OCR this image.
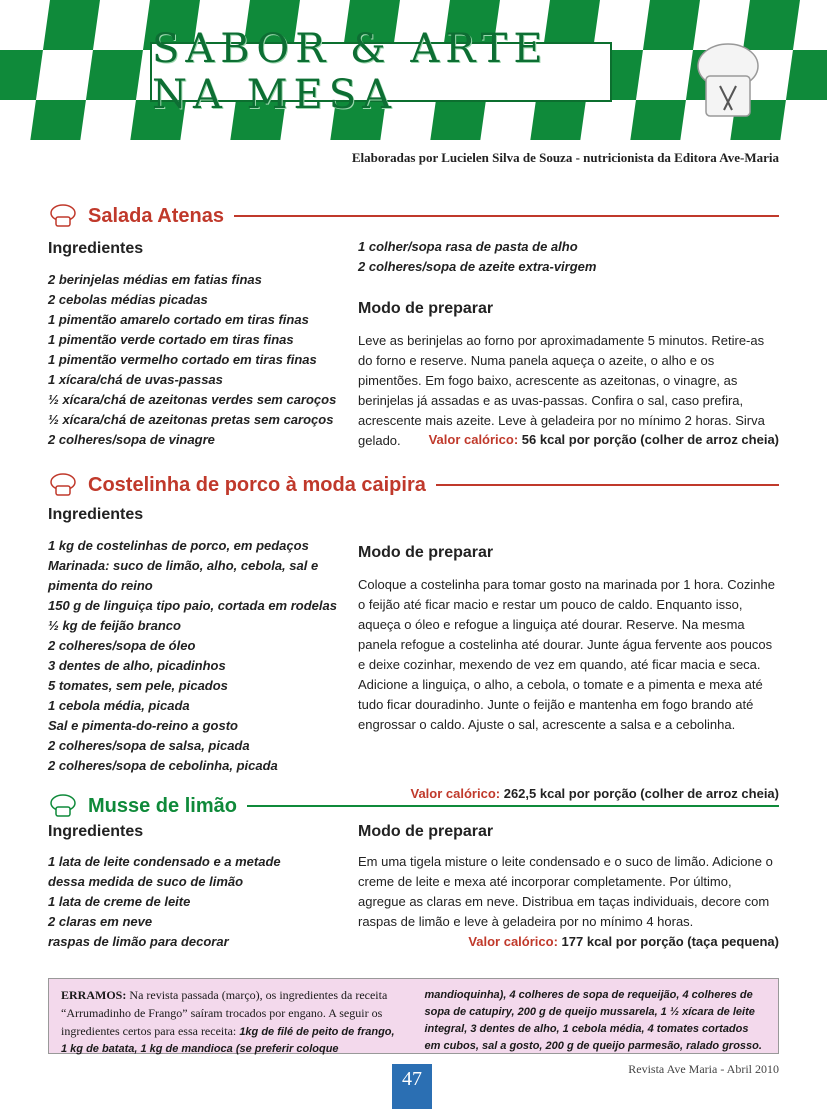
SABOR & ARTE NA MESA
Elaboradas por Lucielen Silva de Souza - nutricionista da Editora Ave-Maria
Salada Atenas
Ingredientes
2 berinjelas médias em fatias finas
2 cebolas médias picadas
1 pimentão amarelo cortado em tiras finas
1 pimentão verde cortado em tiras finas
1 pimentão vermelho cortado em tiras finas
1 xícara/chá de uvas-passas
½ xícara/chá de azeitonas verdes sem caroços
½ xícara/chá de azeitonas pretas sem caroços
2 colheres/sopa de vinagre
1 colher/sopa rasa de pasta de alho
2 colheres/sopa de azeite extra-virgem
Modo de preparar

Leve as berinjelas ao forno por aproximadamente 5 minutos. Retire-as do forno e reserve. Numa panela aqueça o azeite, o alho e os pimentões. Em fogo baixo, acrescente as azeitonas, o vinagre, as berinjelas já assadas e as uvas-passas. Confira o sal, caso prefira, acrescente mais azeite. Leve à geladeira por no mínimo 2 horas. Sirva gelado.	Valor calórico: 56 kcal por porção (colher de arroz cheia)
Costelinha de porco à moda caipira
Ingredientes
1 kg de costelinhas de porco, em pedaços
Marinada: suco de limão, alho, cebola, sal e
pimenta do reino
150 g de linguiça tipo paio, cortada em rodelas
½ kg de feijão branco
2 colheres/sopa de óleo
3 dentes de alho, picadinhos
5 tomates, sem pele, picados
1 cebola média, picada
Sal e pimenta-do-reino a gosto
2 colheres/sopa de salsa, picada
2 colheres/sopa de cebolinha, picada
Modo de preparar

Coloque a costelinha para tomar gosto na marinada por 1 hora. Cozinhe o feijão até ficar macio e restar um pouco de caldo. Enquanto isso, aqueça o óleo e refogue a linguiça até dourar. Reserve. Na mesma panela refogue a costelinha até dourar. Junte água fervente aos poucos e deixe cozinhar, mexendo de vez em quando, até ficar macia e seca. Adicione a linguiça, o alho, a cebola, o tomate e a pimenta e mexa até tudo ficar douradinho. Junte o feijão e mantenha em fogo brando até engrossar o caldo. Ajuste o sal, acrescente a salsa e a cebolinha.

Valor calórico: 262,5 kcal por porção (colher de arroz cheia)
Musse de limão
Ingredientes
1 lata de leite condensado e a metade
dessa medida de suco de limão
1 lata de creme de leite
2 claras em neve
raspas de limão para decorar
Modo de preparar

Em uma tigela misture o leite condensado e o suco de limão. Adicione o creme de leite e mexa até incorporar completamente. Por último, agregue as claras em neve. Distribua em taças individuais, decore com raspas de limão e leve à geladeira por no mínimo 4 horas.

Valor calórico: 177 kcal por porção (taça pequena)
ERRAMOS: Na revista passada (março), os ingredientes da receita “Arrumadinho de Frango” saíram trocados por engano. A seguir os ingredientes certos para essa receita: 1kg de filé de peito de frango, 1 kg de batata, 1 kg de mandioca (se preferir coloque
mandioquinha), 4 colheres de sopa de requeijão, 4 colheres de sopa de catupiry, 200 g de queijo mussarela, 1 ½ xícara de leite integral, 3 dentes de alho, 1 cebola média, 4 tomates cortados em cubos, sal a gosto, 200 g de queijo parmesão, ralado grosso.
47	Revista Ave Maria - Abril 2010
